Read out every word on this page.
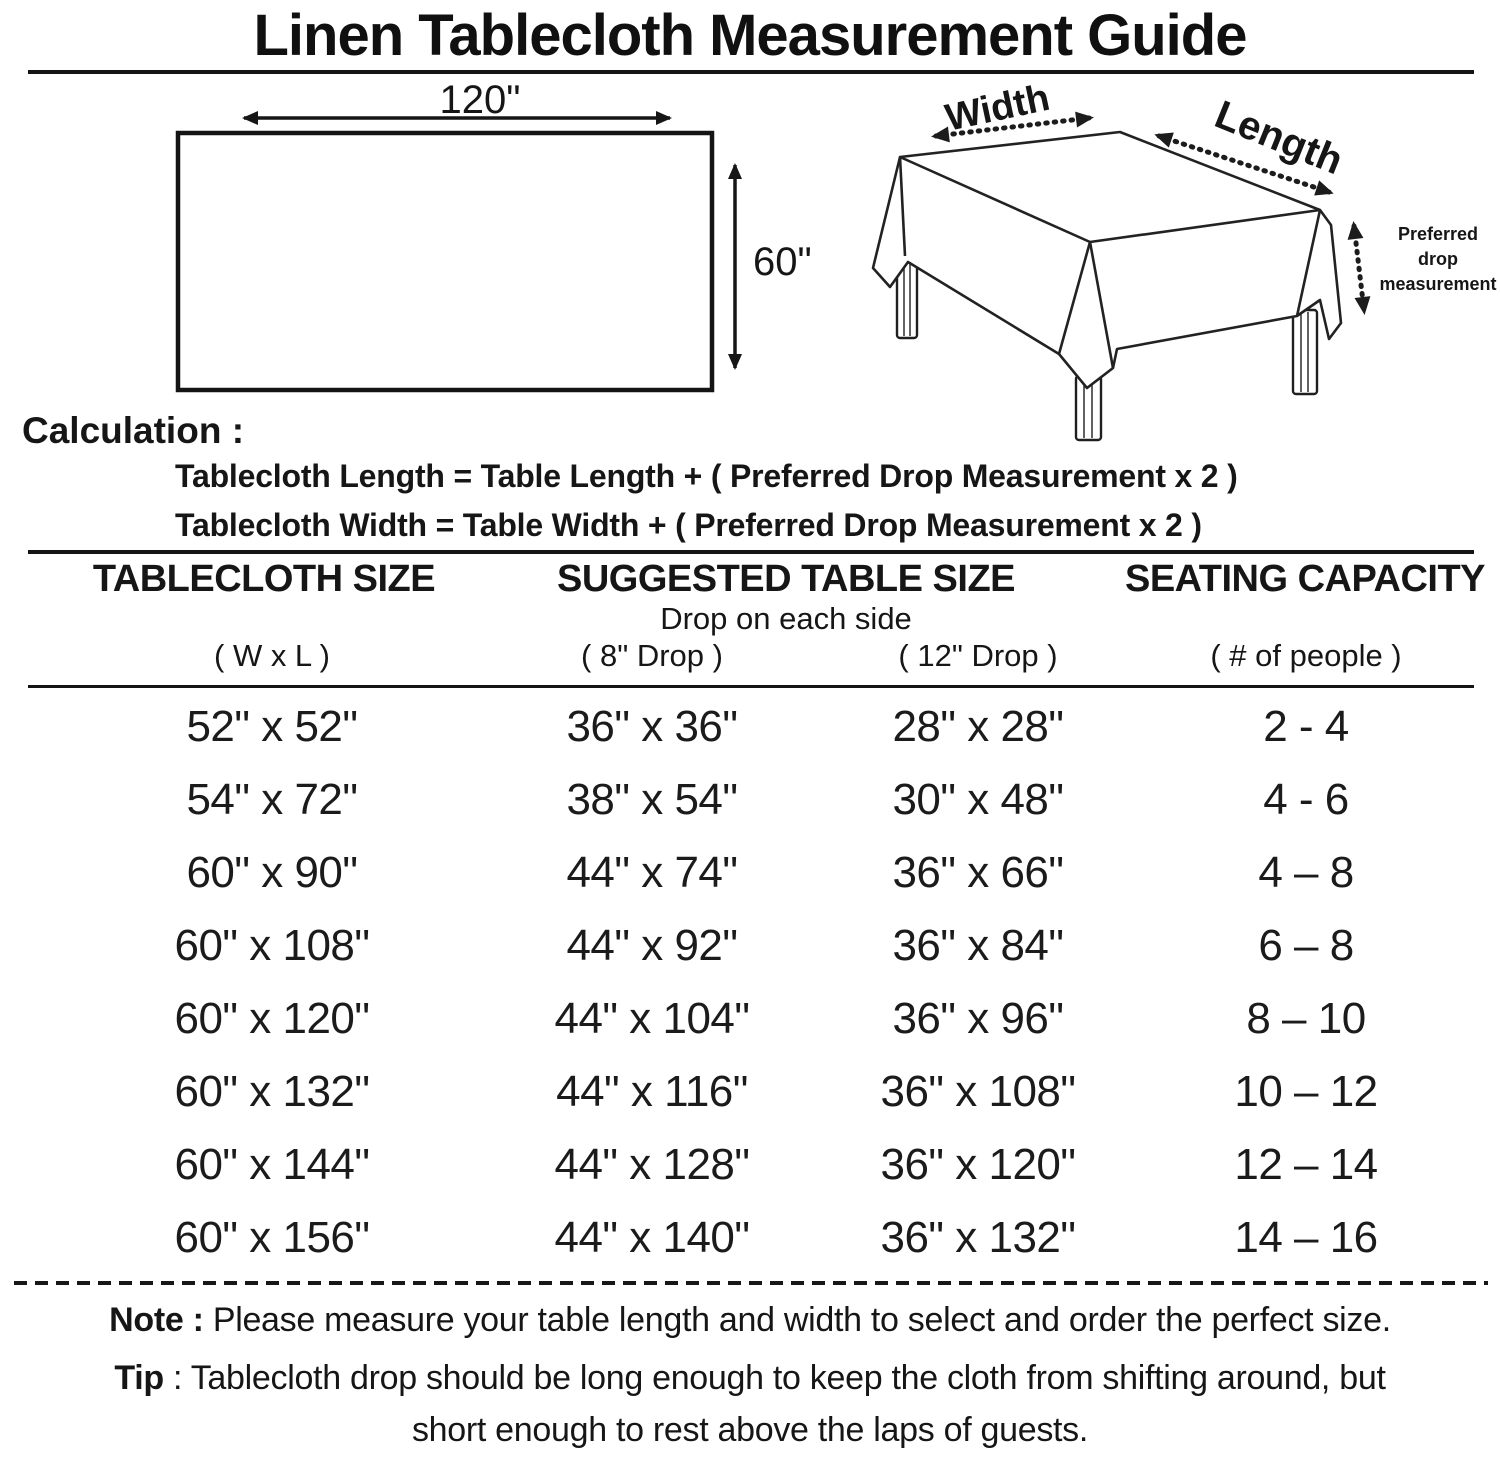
Linen Tablecloth Measurement Guide
120"
60"
Width	Length
Preferred
drop
measurement
Calculation :
Tablecloth Length = Table Length + ( Preferred Drop Measurement x 2 )
Tablecloth Width = Table Width + ( Preferred Drop Measurement x 2 )
TABLECLOTH SIZE	SUGGESTED TABLE SIZE	SEATING CAPACITY
Drop on each side
( W x L )	( 8" Drop )	( 12" Drop )	( # of people )
52" x 52"	36" x 36"	28" x 28"	2 - 4
54" x 72"	38" x 54"	30" x 48"	4 - 6
60" x 90"	44" x 74"	36" x 66"	4 – 8
60" x 108"	44" x 92"	36" x 84"	6 – 8
60" x 120"	44" x 104"	36" x 96"	8 – 10
60" x 132"	44" x 116"	36" x 108"	10 – 12
60" x 144"	44" x 128"	36" x 120"	12 – 14
60" x 156"	44" x 140"	36" x 132"	14 – 16
Note : Please measure your table length and width to select and order the perfect size.
Tip : Tablecloth drop should be long enough to keep the cloth from shifting around, but
short enough to rest above the laps of guests.
